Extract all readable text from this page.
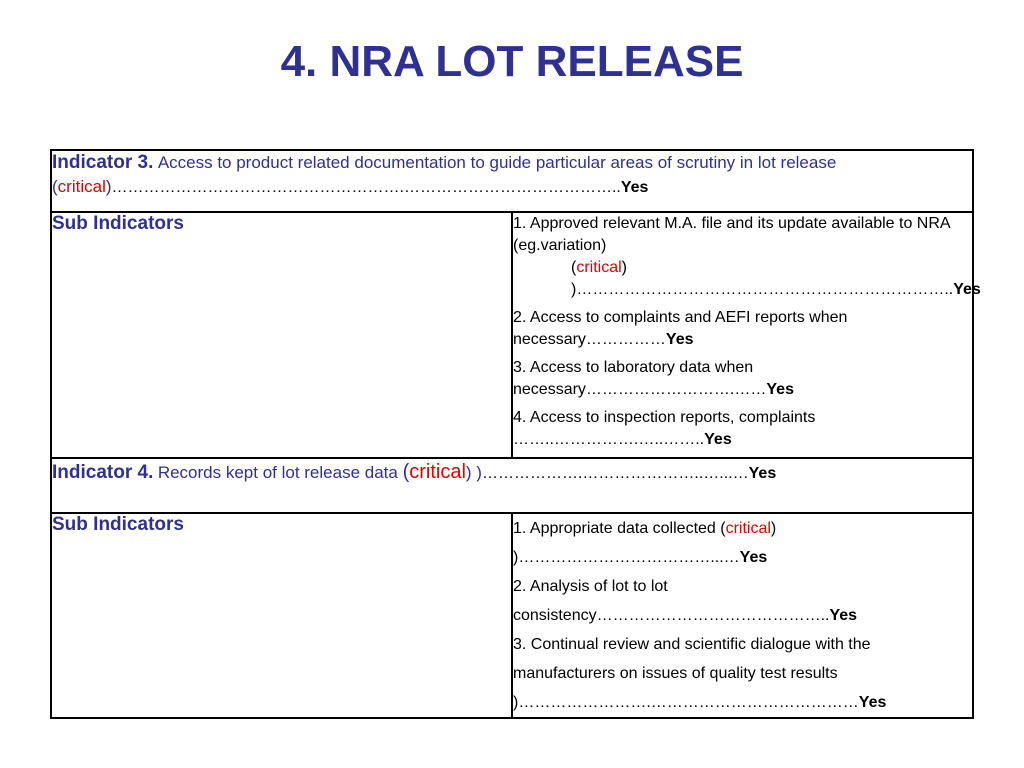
4. NRA LOT RELEASE
Indicator 3. Access to product related documentation to guide particular areas of scrutiny in lot release (critical)……………………………………………….…………………………………..Yes	

Sub Indicators	1. Approved relevant M.A. file and its update available to NRA (eg.variation)
(critical) )……………………………………………………………..Yes
2. Access to complaints and AEFI reports when necessary……………Yes
3. Access to laboratory data when necessary……………………….……Yes
4. Access to inspection reports, complaints ……..…………….…..……..Yes

Indicator 4. Records kept of lot release data (critical) )……………….…………………..…...…Yes	

Sub Indicators	1. Appropriate data collected (critical) )………………………………...…Yes
2. Analysis of lot to lot consistency……………………………………..Yes
3. Continual review and scientific dialogue with the manufacturers on issues of quality test results )…………………….…………………………………Yes
